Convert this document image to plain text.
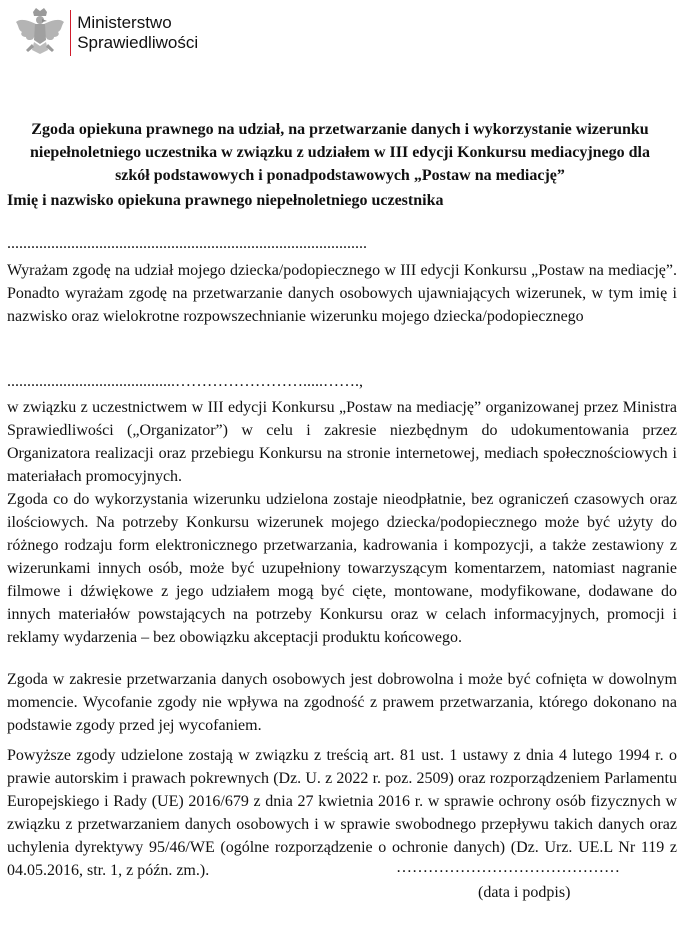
Ministerstwo
Sprawiedliwości
Zgoda opiekuna prawnego na udział, na przetwarzanie danych i wykorzystanie wizerunku niepełnoletniego uczestnika w związku z udziałem w III edycji Konkursu mediacyjnego dla szkół podstawowych i ponadpodstawowych „Postaw na mediację”
Imię i nazwisko opiekuna prawnego niepełnoletniego uczestnika
..........................................................................................

Wyrażam zgodę na udział mojego dziecka/podopiecznego w III edycji Konkursu „Postaw na mediację”. Ponadto wyrażam zgodę na przetwarzanie danych osobowych ujawniających wizerunek, w tym imię i nazwisko oraz wielokrotne rozpowszechnianie wizerunku mojego dziecka/podopiecznego

..........................................…………………….....…….,

w związku z uczestnictwem w III edycji Konkursu „Postaw na mediację” organizowanej przez Ministra Sprawiedliwości („Organizator”) w celu i zakresie niezbędnym do udokumentowania przez Organizatora realizacji oraz przebiegu Konkursu na stronie internetowej, mediach społecznościowych i materiałach promocyjnych.

Zgoda co do wykorzystania wizerunku udzielona zostaje nieodpłatnie, bez ograniczeń czasowych oraz ilościowych. Na potrzeby Konkursu wizerunek mojego dziecka/podopiecznego może być użyty do różnego rodzaju form elektronicznego przetwarzania, kadrowania i kompozycji, a także zestawiony z wizerunkami innych osób, może być uzupełniony towarzyszącym komentarzem, natomiast nagranie filmowe i dźwiękowe z jego udziałem mogą być cięte, montowane, modyfikowane, dodawane do innych materiałów powstających na potrzeby Konkursu oraz w celach informacyjnych, promocji i reklamy wydarzenia – bez obowiązku akceptacji produktu końcowego.

Zgoda w zakresie przetwarzania danych osobowych jest dobrowolna i może być cofnięta w dowolnym momencie. Wycofanie zgody nie wpływa na zgodność z prawem przetwarzania, którego dokonano na podstawie zgody przed jej wycofaniem.

Powyższe zgody udzielone zostają w związku z treścią art. 81 ust. 1 ustawy z dnia 4 lutego 1994 r. o prawie autorskim i prawach pokrewnych (Dz. U. z 2022 r. poz. 2509) oraz rozporządzeniem Parlamentu Europejskiego i Rady (UE) 2016/679 z dnia 27 kwietnia 2016 r. w sprawie ochrony osób fizycznych w związku z przetwarzaniem danych osobowych i w sprawie swobodnego przepływu takich danych oraz uchylenia dyrektywy 95/46/WE (ogólne rozporządzenie o ochronie danych) (Dz. Urz. UE.L Nr 119 z 04.05.2016, str. 1, z późn. zm.).	……………………………………
(data i podpis)
